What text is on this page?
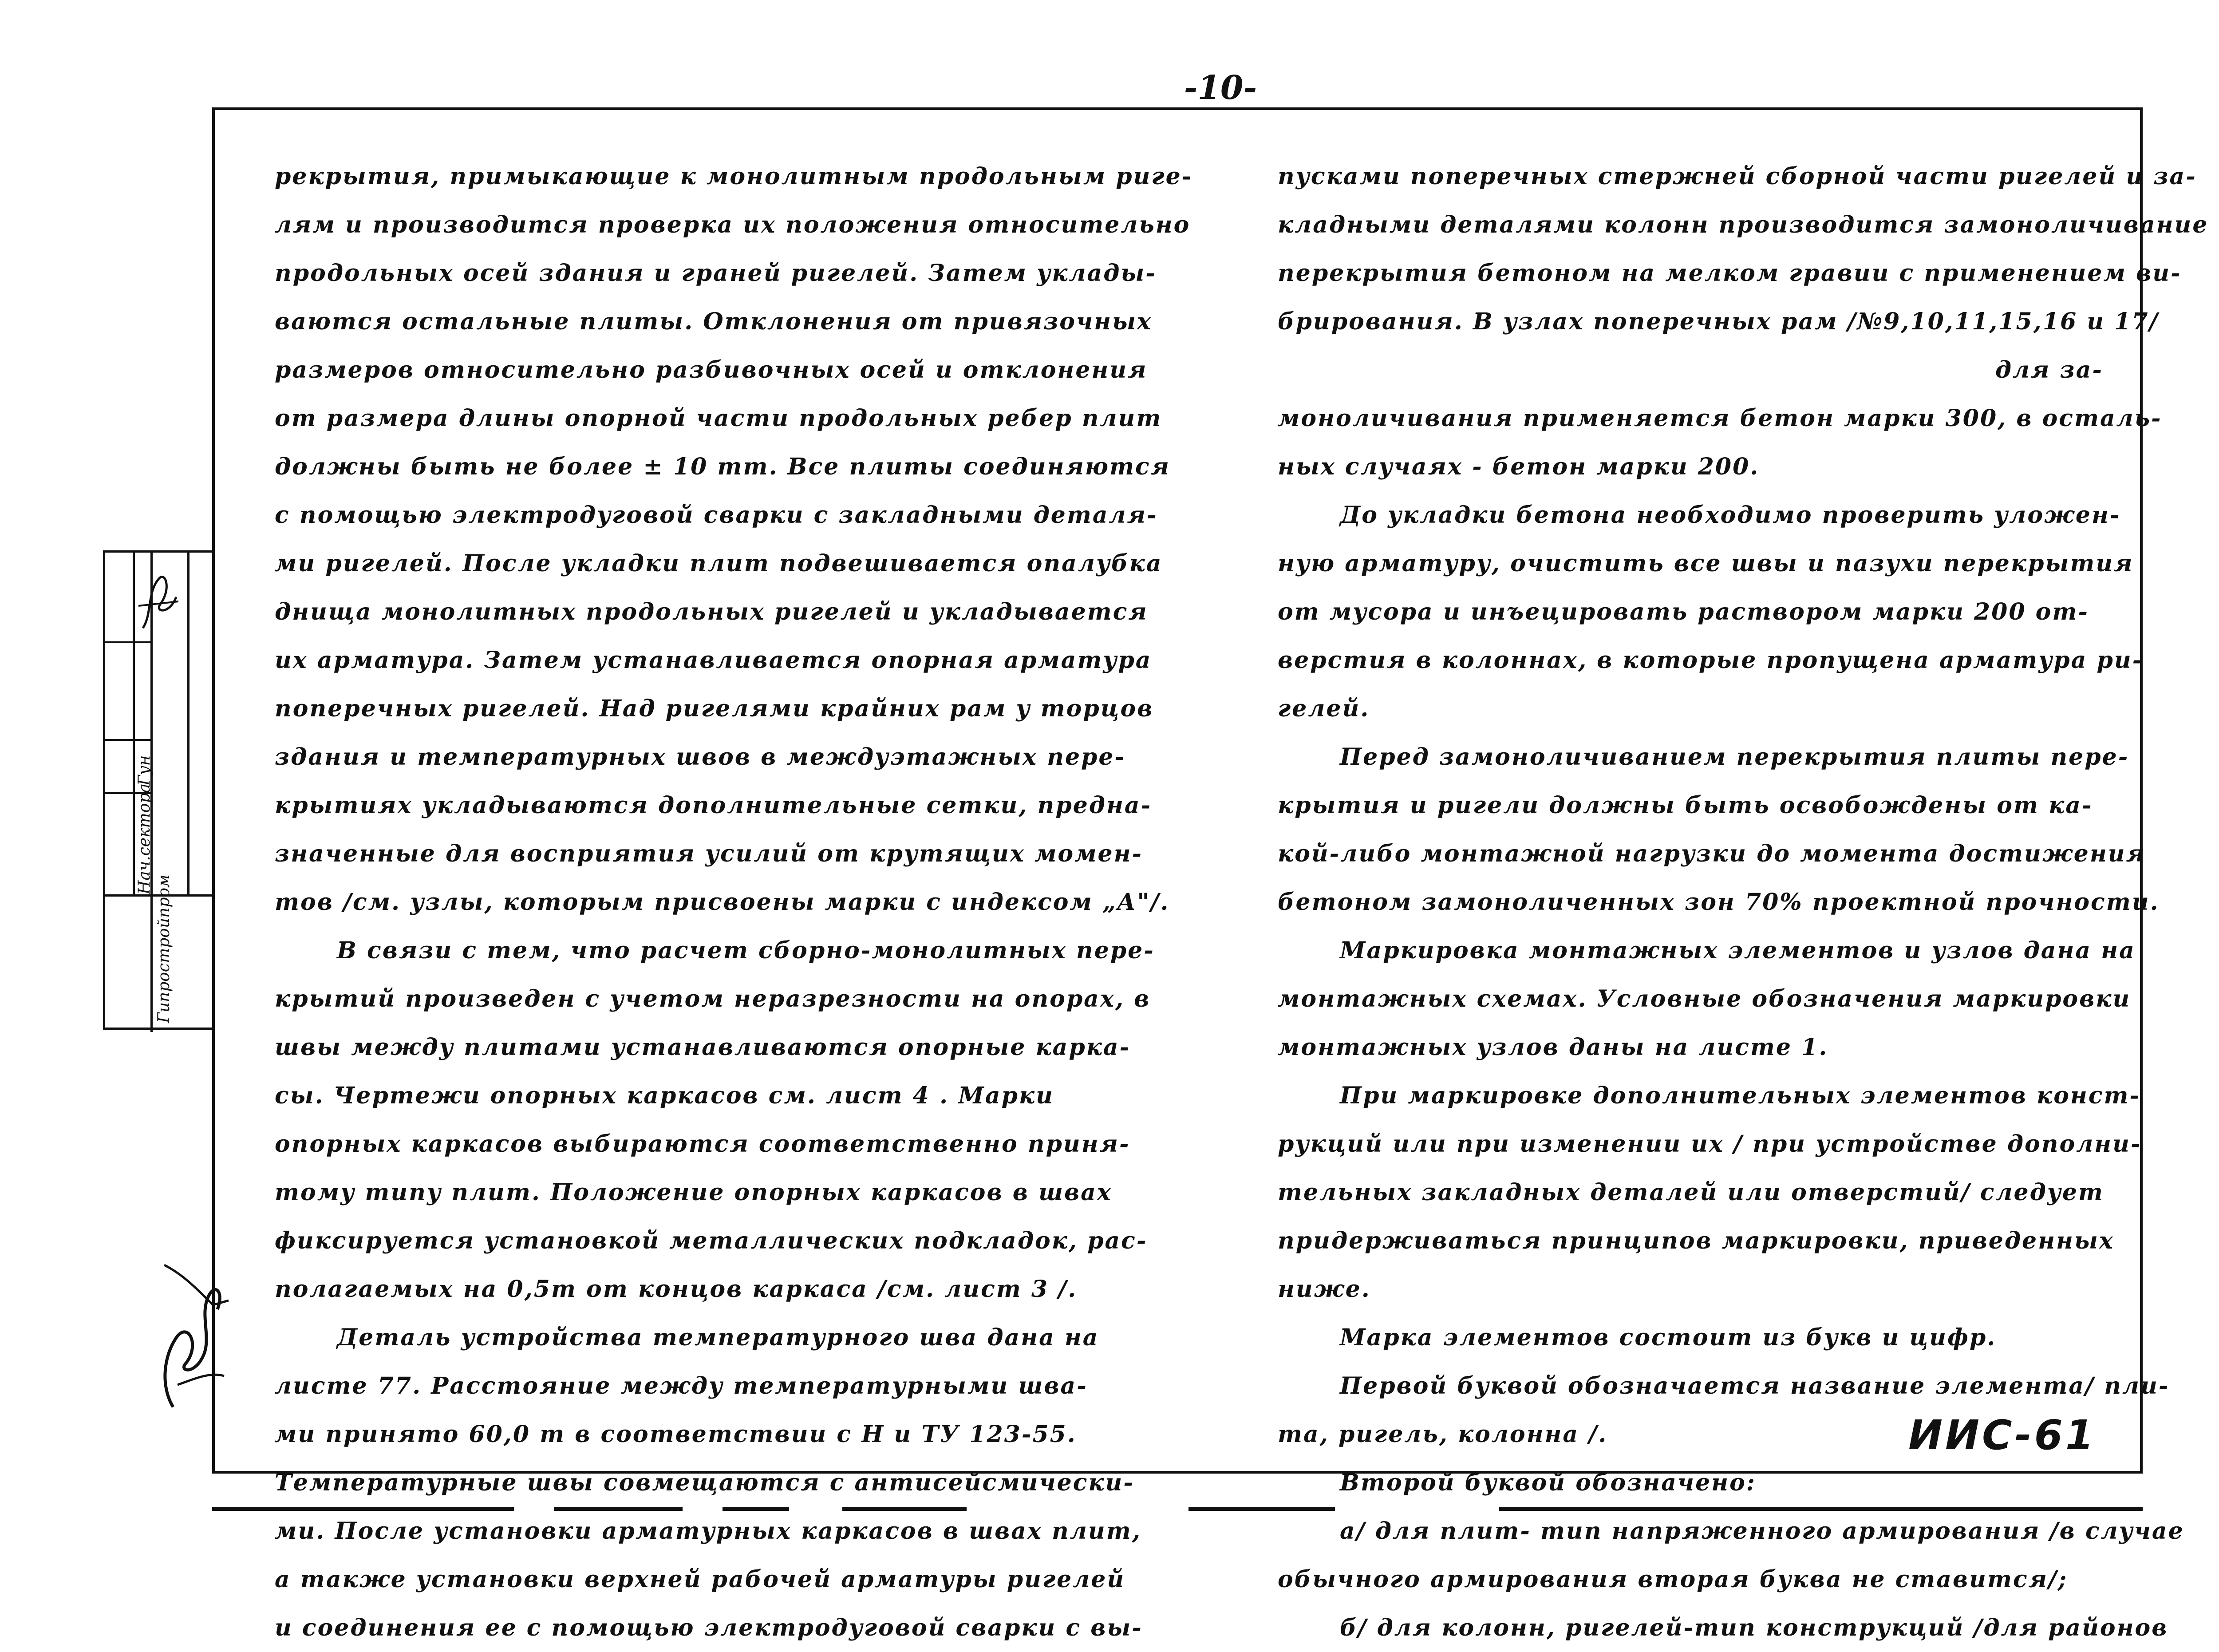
-10-
Нач.сектора
Гун
Гипростройпром

рекрытия, примыкающие к монолитным продольным риге-

лям и производится проверка их положения относительно

продольных осей здания и граней ригелей. Затем уклады-

ваются остальные плиты. Отклонения от привязочных

размеров относительно разбивочных осей и отклонения

от размера длины опорной части продольных ребер плит

должны быть не более ± 10 mm. Все плиты соединяются

с помощью электродуговой сварки с закладными деталя-

ми ригелей. После укладки плит подвешивается опалубка

днища монолитных продольных ригелей и укладывается

их арматура. Затем устанавливается опорная арматура

поперечных ригелей. Над ригелями крайних рам у торцов

здания и температурных швов в междуэтажных пере-

крытиях укладываются дополнительные сетки, предна-

значенные для восприятия усилий от крутящих момен-

тов /см. узлы, которым присвоены марки с индексом „А"/.

В связи с тем, что расчет сборно-монолитных пере-

крытий произведен с учетом неразрезности на опорах, в

швы между плитами устанавливаются опорные карка-

сы. Чертежи опорных каркасов см. лист 4 . Марки

опорных каркасов выбираются соответственно приня-

тому типу плит. Положение опорных каркасов в швах

фиксируется установкой металлических подкладок, рас-

полагаемых на 0,5m от концов каркаса /см. лист 3 /.

Деталь устройства температурного шва дана на

листе 77. Расстояние между температурными шва-

ми принято 60,0 m в соответствии с Н и ТУ 123-55.

Температурные швы совмещаются с антисейсмически-

ми. После установки арматурных каркасов в швах плит,

а также установки верхней рабочей арматуры ригелей

и соединения ее с помощью электродуговой сварки с вы-

пусками поперечных стержней сборной части ригелей и за-

кладными деталями колонн производится замоноличивание

перекрытия бетоном на мелком гравии с применением ви-

брирования. В узлах поперечных рам /№9,10,11,15,16 и 17/

для за-

моноличивания применяется бетон марки 300, в осталь-

ных случаях - бетон марки 200.

До укладки бетона необходимо проверить уложен-

ную арматуру, очистить все швы и пазухи перекрытия

от мусора и инъецировать раствором марки 200 от-

верстия в колоннах, в которые пропущена арматура ри-

гелей.

Перед замоноличиванием перекрытия плиты пере-

крытия и ригели должны быть освобождены от ка-

кой-либо монтажной нагрузки до момента достижения

бетоном замоноличенных зон 70% проектной прочности.

Маркировка монтажных элементов и узлов дана на

монтажных схемах. Условные обозначения маркировки

монтажных узлов даны на листе 1.

При маркировке дополнительных элементов конст-

рукций или при изменении их / при устройстве дополни-

тельных закладных деталей или отверстий/ следует

придерживаться принципов маркировки, приведенных

ниже.

Марка элементов состоит из букв и цифр.

Первой буквой обозначается название элемента/ пли-

та, ригель, колонна /.

Второй буквой обозначено:

а/ для плит- тип напряженного армирования /в случае

обычного армирования вторая буква не ставится/;

б/ для колонн, ригелей-тип конструкций /для районов

ИИС-61
